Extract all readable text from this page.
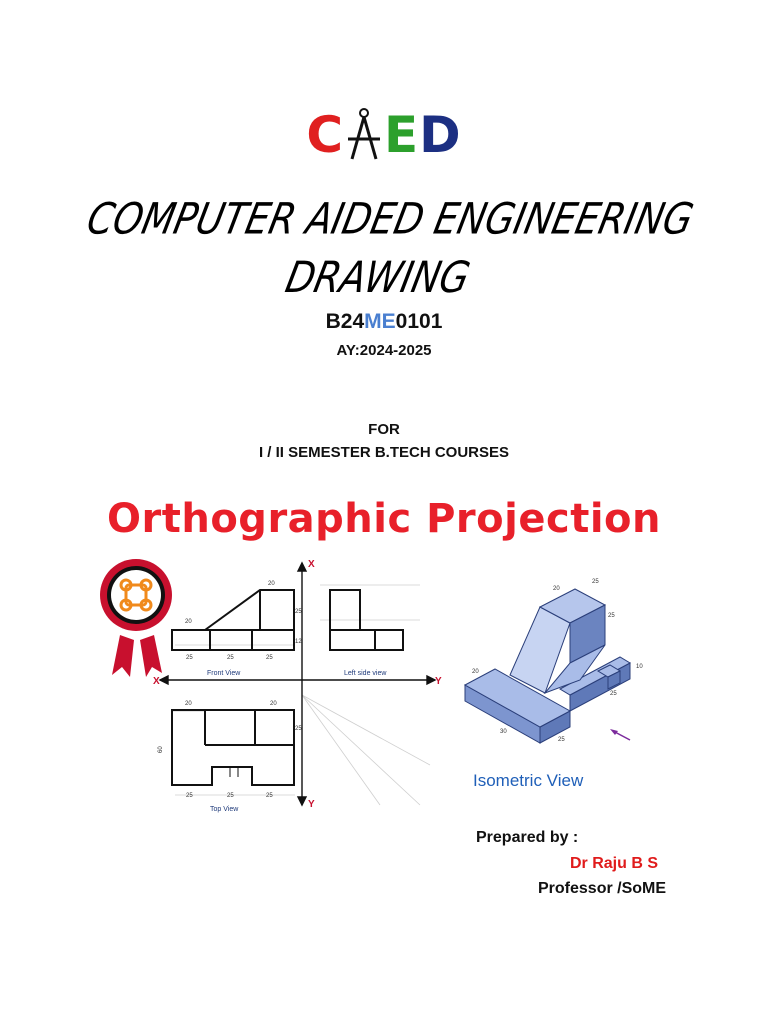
C ED
COMPUTER AIDED ENGINEERING
DRAWING
B24ME0101
AY:2024-2025
FOR
I / II SEMESTER B.TECH COURSES
Orthographic Projection
X	Y
X
Y
20
20
25
12
25	25	25
Front View	Left side view
20	20
25
60
25	25	25
Top View
20
25
25
10
20
30
25
25
Isometric View
Prepared by :
Dr Raju B S
Professor /SoME
